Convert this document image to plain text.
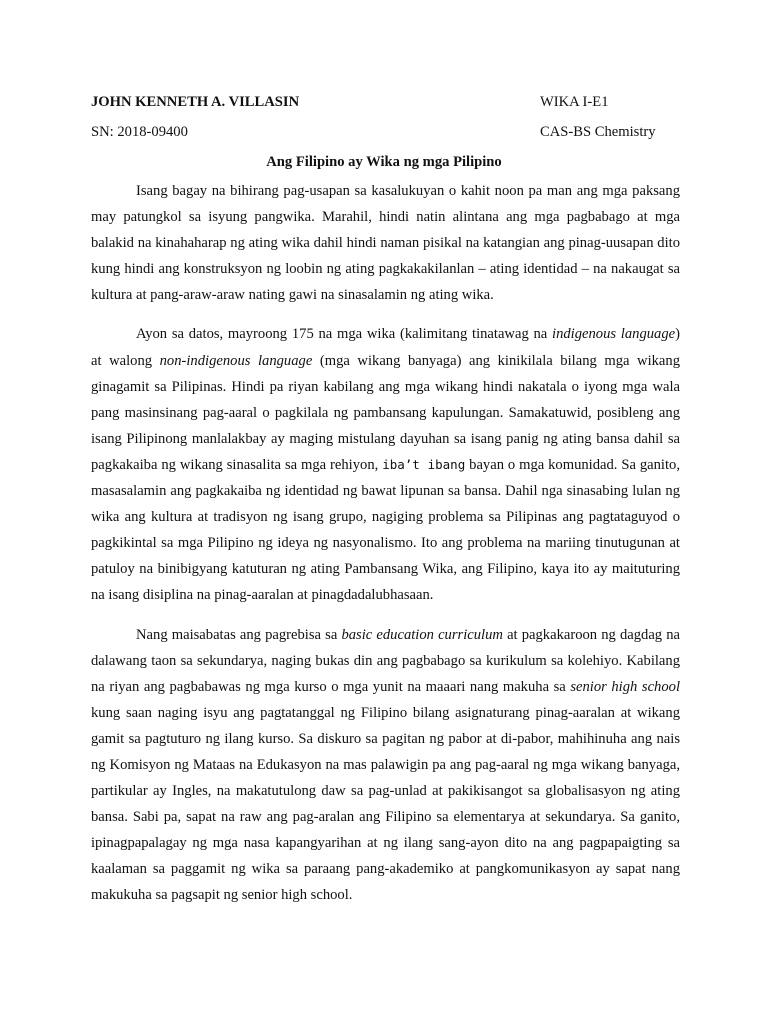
JOHN KENNETH A. VILLASIN	WIKA I-E1
SN: 2018-09400	CAS-BS Chemistry
Ang Filipino ay Wika ng mga Pilipino

Isang bagay na bihirang pag-usapan sa kasalukuyan o kahit noon pa man ang mga paksang may patungkol sa isyung pangwika. Marahil, hindi natin alintana ang mga pagbabago at mga balakid na kinahaharap ng ating wika dahil hindi naman pisikal na katangian ang pinag-uusapan dito kung hindi ang konstruksyon ng loobin ng ating pagkakakilanlan – ating identidad – na nakaugat sa kultura at pang-araw-araw nating gawi na sinasalamin ng ating wika.

Ayon sa datos, mayroong 175 na mga wika (kalimitang tinatawag na indigenous language) at walong non-indigenous language (mga wikang banyaga) ang kinikilala bilang mga wikang ginagamit sa Pilipinas. Hindi pa riyan kabilang ang mga wikang hindi nakatala o iyong mga wala pang masinsinang pag-aaral o pagkilala ng pambansang kapulungan. Samakatuwid, posibleng ang isang Pilipinong manlalakbay ay maging mistulang dayuhan sa isang panig ng ating bansa dahil sa pagkakaiba ng wikang sinasalita sa mga rehiyon, iba’t ibang bayan o mga komunidad. Sa ganito, masasalamin ang pagkakaiba ng identidad ng bawat lipunan sa bansa. Dahil nga sinasabing lulan ng wika ang kultura at tradisyon ng isang grupo, nagiging problema sa Pilipinas ang pagtataguyod o pagkikintal sa mga Pilipino ng ideya ng nasyonalismo. Ito ang problema na mariing tinutugunan at patuloy na binibigyang katuturan ng ating Pambansang Wika, ang Filipino, kaya ito ay maituturing na isang disiplina na pinag-aaralan at pinagdadalubhasaan.

Nang maisabatas ang pagrebisa sa basic education curriculum at pagkakaroon ng dagdag na dalawang taon sa sekundarya, naging bukas din ang pagbabago sa kurikulum sa kolehiyo. Kabilang na riyan ang pagbabawas ng mga kurso o mga yunit na maaari nang makuha sa senior high school kung saan naging isyu ang pagtatanggal ng Filipino bilang asignaturang pinag-aaralan at wikang gamit sa pagtuturo ng ilang kurso. Sa diskuro sa pagitan ng pabor at di-pabor, mahihinuha ang nais ng Komisyon ng Mataas na Edukasyon na mas palawigin pa ang pag-aaral ng mga wikang banyaga, partikular ay Ingles, na makatutulong daw sa pag-unlad at pakikisangot sa globalisasyon ng ating bansa. Sabi pa, sapat na raw ang pag-aralan ang Filipino sa elementarya at sekundarya. Sa ganito, ipinagpapalagay ng mga nasa kapangyarihan at ng ilang sang-ayon dito na ang pagpapaigting sa kaalaman sa paggamit ng wika sa paraang pang-akademiko at pangkomunikasyon ay sapat nang makukuha sa pagsapit ng senior high school.
